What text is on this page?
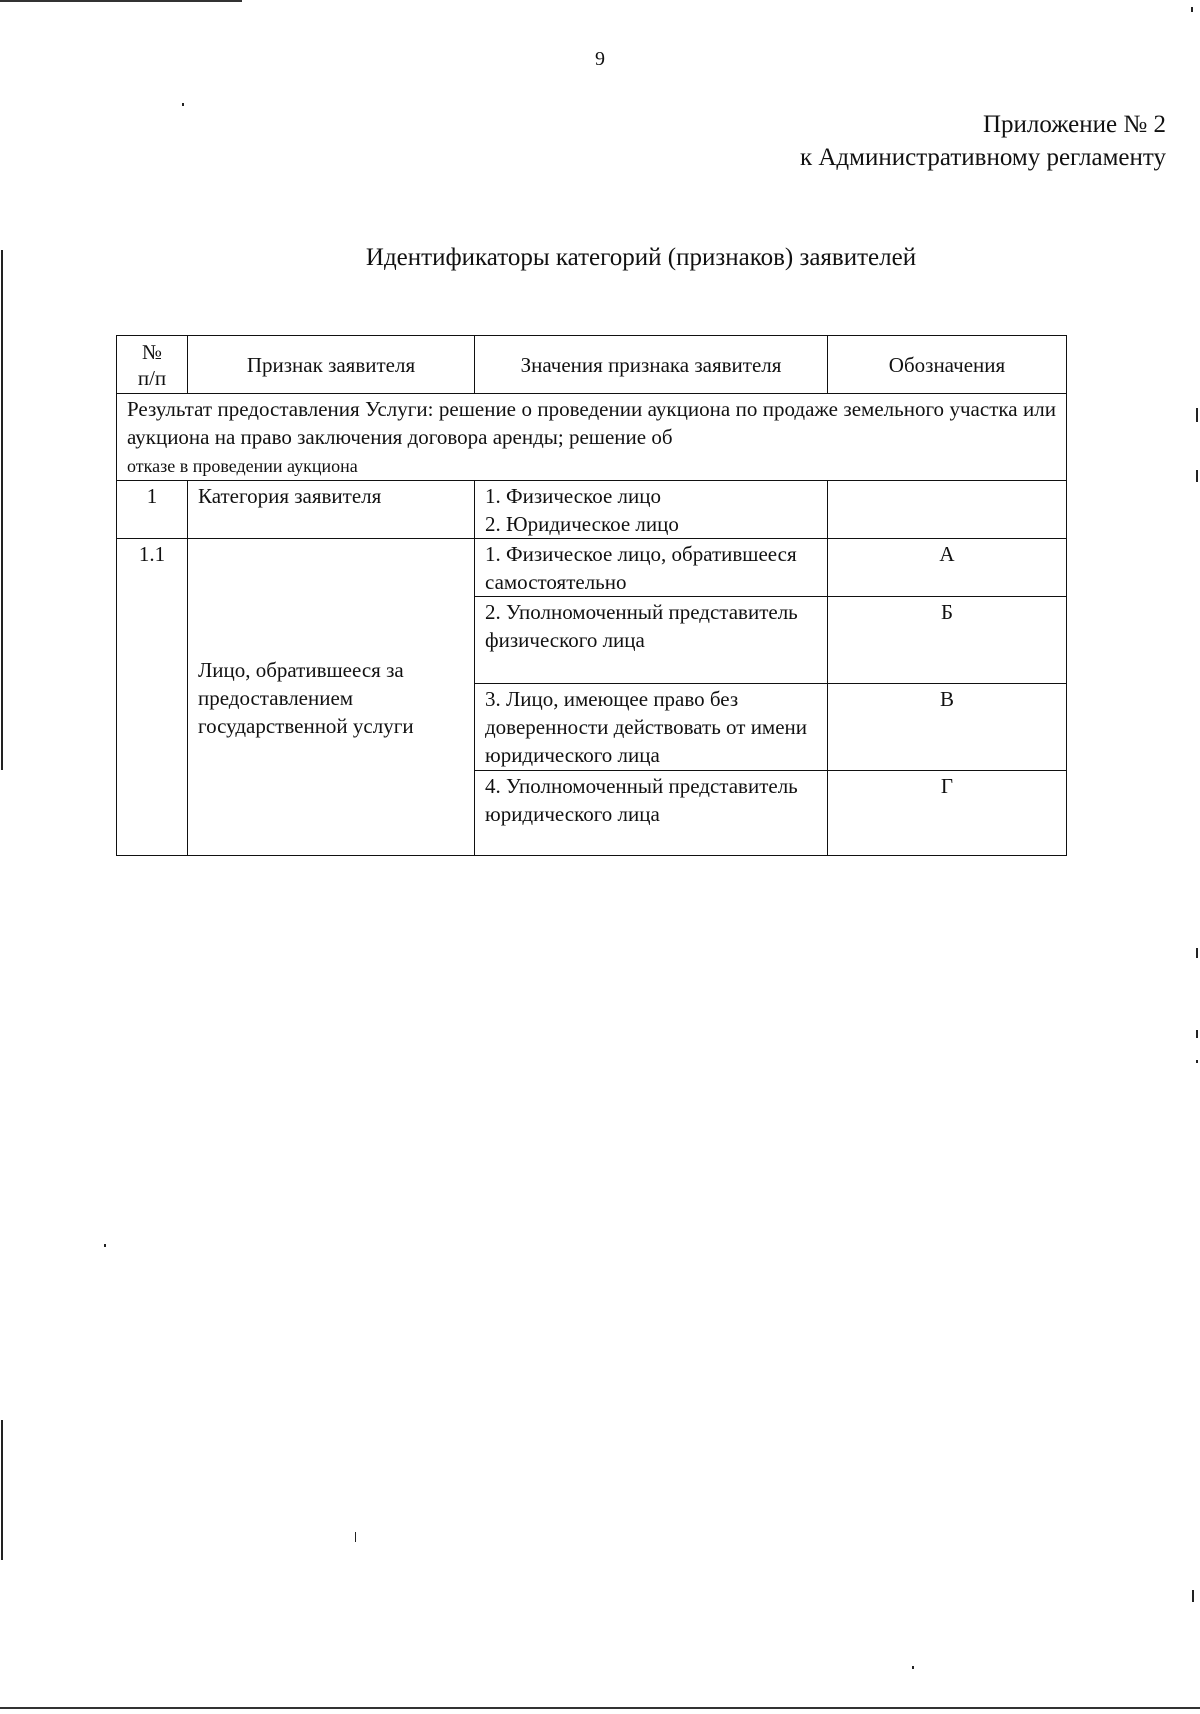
9
Приложение № 2
к Административному регламенту
Идентификаторы категорий (признаков) заявителей
№
п/п	Признак заявителя	Значения признака заявителя	Обозначения
Результат предоставления Услуги: решение о проведении аукциона по продаже земельного участка или аукциона на право заключения договора аренды; решение об
отказе в проведении аукциона			
1	Категория заявителя	1. Физическое лицо
2. Юридическое лицо	

1.1	Лицо, обратившееся за предоставлением государственной услуги	1. Физическое лицо, обратившееся самостоятельно	А
		2. Уполномоченный представитель физического лица	Б
		3. Лицо, имеющее право без доверенности действовать от имени юридического лица	В
		4. Уполномоченный представитель юридического лица	Г
